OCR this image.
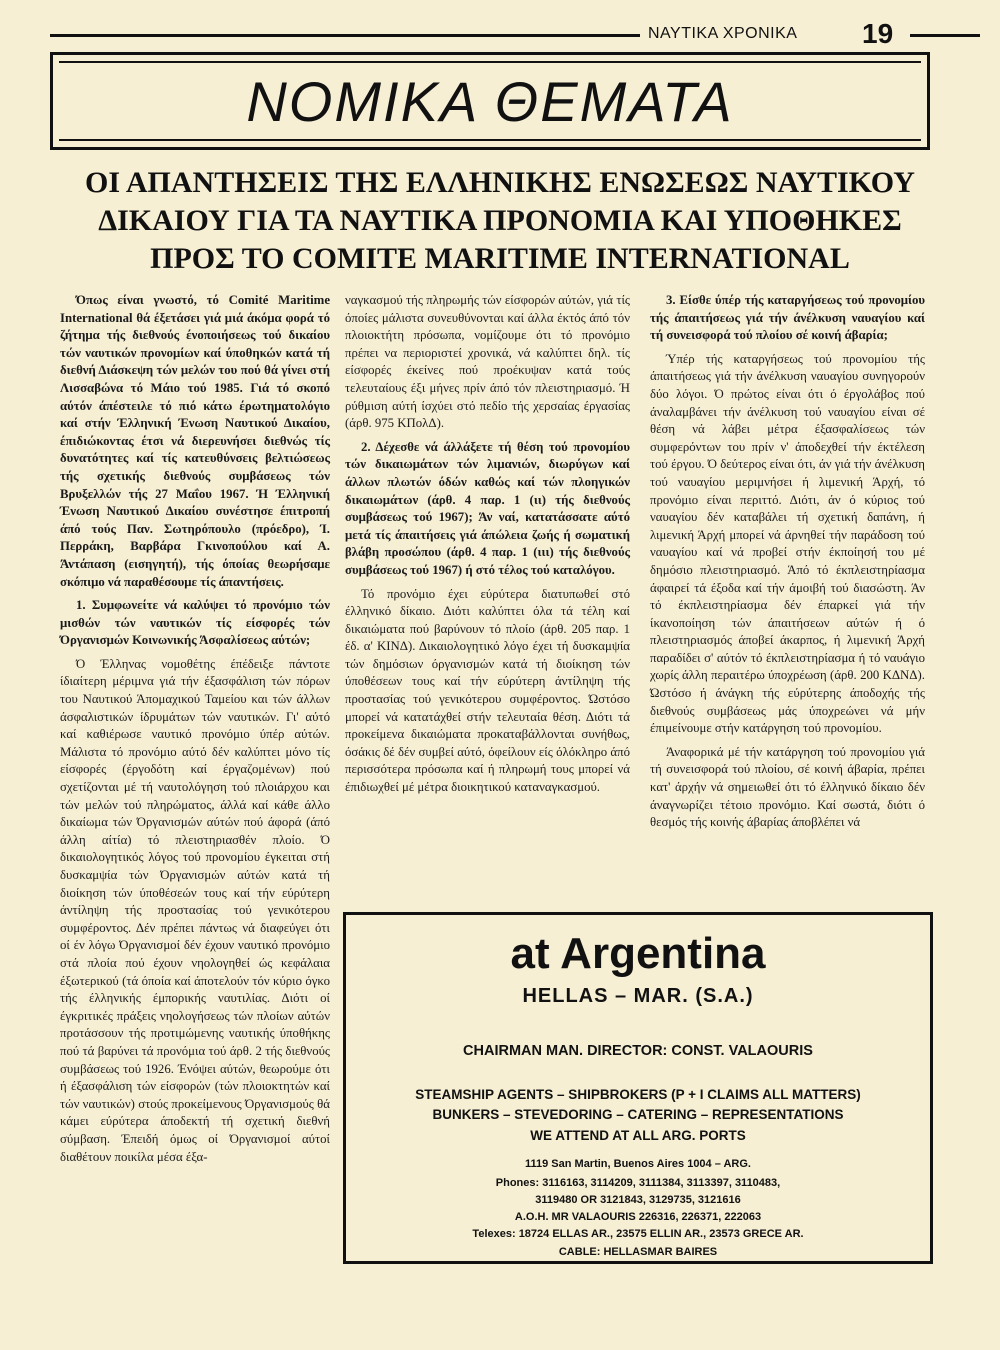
ΝΑΥΤΙΚΑ ΧΡΟΝΙΚΑ 19
ΝΟΜΙΚΑ ΘΕΜΑΤΑ
ΟΙ ΑΠΑΝΤΗΣΕΙΣ ΤΗΣ ΕΛΛΗΝΙΚΗΣ ΕΝΩΣΕΩΣ ΝΑΥΤΙΚΟΥ
ΔΙΚΑΙΟΥ ΓΙΑ ΤΑ ΝΑΥΤΙΚΑ ΠΡΟΝΟΜΙΑ ΚΑΙ ΥΠΟΘΗΚΕΣ
ΠΡΟΣ ΤΟ COMITE MARITIME INTERNATIONAL

Όπως είναι γνωστό, τό Comité Maritime International θά έξετάσει γιά μιά άκόμα φορά τό ζήτημα τής διεθνούς ένοποιήσεως τού δικαίου τών ναυτικών προνομίων καί ύποθηκών κατά τή διεθνή Διάσκεψη τών μελών του πού θά γίνει στή Λισσαβώνα τό Μάιο τού 1985. Γιά τό σκοπό αύτόν άπέστειλε τό πιό κάτω έρωτηματολόγιο καί στήν Έλληνική Ένωση Ναυτικού Δικαίου, έπιδιώκοντας έτσι νά διερευνήσει διεθνώς τίς δυνατότητες καί τίς κατευθύνσεις βελτιώσεως τής σχετικής διεθνούς συμβάσεως τών Βρυξελλών τής 27 Μαΐου 1967. Ή Έλληνική Ένωση Ναυτικού Δικαίου συνέστησε έπιτροπή άπό τούς Παν. Σωτηρόπουλο (πρόεδρο), Ί. Περράκη, Βαρβάρα Γκινοπούλου καί Α. Άντάπαση (εισηγητή), τής όποίας θεωρήσαμε σκόπιμο νά παραθέσουμε τίς άπαντήσεις.

1. Συμφωνείτε νά καλύψει τό προνόμιο τών μισθών τών ναυτικών τίς είσφορές τών Όργανισμών Κοινωνικής Άσφαλίσεως αύτών;

Ό Έλληνας νομοθέτης έπέδειξε πάντοτε ίδιαίτερη μέριμνα γιά τήν έξασφάλιση τών πόρων του Ναυτικού Άπομαχικού Ταμείου και τών άλλων άσφαλιστικών ίδρυμάτων τών ναυτικών. Γι' αύτό καί καθιέρωσε ναυτικό προνόμιο ύπέρ αύτών. Μάλιστα τό προνόμιο αύτό δέν καλύπτει μόνο τίς είσφορές (έργοδότη καί έργαζομένων) πού σχετίζονται μέ τή ναυτολόγηση τού πλοιάρχου και τών μελών τού πληρώματος, άλλά καί κάθε άλλο δικαίωμα τών Όργανισμών αύτών πού άφορά (άπό άλλη αίτία) τό πλειστηριασθέν πλοίο. Ό δικαιολογητικός λόγος τού προνομίου έγκειται στή δυσκαμψία τών Όργανισμών αύτών κατά τή διοίκηση τών ύποθέσεών τους καί τήν εύρύτερη άντίληψη τής προστασίας τού γενικότερου συμφέροντος. Δέν πρέπει πάντως νά διαφεύγει ότι οί έν λόγω Όργανισμοί δέν έχουν ναυτικό προνόμιο στά πλοία πού έχουν νηολογηθεί ώς κεφάλαια έξωτερικού (τά όποία καί άποτελούν τόν κύριο όγκο τής έλληνικής έμπορικής ναυτιλίας. Διότι οί έγκριτικές πράξεις νηολογήσεως τών πλοίων αύτών προτάσσουν τής προτιμώμενης ναυτικής ύποθήκης πού τά βαρύνει τά προνόμια τού άρθ. 2 τής διεθνούς συμβάσεως τού 1926. Ένόψει αύτών, θεωρούμε ότι ή έξασφάλιση τών είσφορών (τών πλοιοκτητών καί τών ναυτικών) στούς προκείμενους Όργανισμούς θά κάμει εύρύτερα άποδεκτή τή σχετική διεθνή σύμβαση. Έπειδή όμως οί Όργανισμοί αύτοί διαθέτουν ποικίλα μέσα έξα-

ναγκασμού τής πληρωμής τών είσφορών αύτών, γιά τίς όποίες μάλιστα συνευθύνονται καί άλλα έκτός άπό τόν πλοιοκτήτη πρόσωπα, νομίζουμε ότι τό προνόμιο πρέπει να περιοριστεί χρονικά, νά καλύπτει δηλ. τίς είσφορές έκείνες πού προέκυψαν κατά τούς τελευταίους έξι μήνες πρίν άπό τόν πλειστηριασμό. Ή ρύθμιση αύτή ίσχύει στό πεδίο τής χερσαίας έργασίας (άρθ. 975 ΚΠολΔ).

2. Δέχεσθε νά άλλάξετε τή θέση τού προνομίου τών δικαιωμάτων τών λιμανιών, διωρύγων καί άλλων πλωτών όδών καθώς καί τών πλοηγικών δικαιωμάτων (άρθ. 4 παρ. 1 (ιι) τής διεθνούς συμβάσεως τού 1967); Άν ναί, κατατάσσατε αύτό μετά τίς άπαιτήσεις γιά άπώλεια ζωής ή σωματική βλάβη προσώπου (άρθ. 4 παρ. 1 (ιιι) τής διεθνούς συμβάσεως τού 1967) ή στό τέλος τού καταλόγου.

Τό προνόμιο έχει εύρύτερα διατυπωθεί στό έλληνικό δίκαιο. Διότι καλύπτει όλα τά τέλη καί δικαιώματα πού βαρύνουν τό πλοίο (άρθ. 205 παρ. 1 έδ. α' ΚΙΝΔ). Δικαιολογητικό λόγο έχει τή δυσκαμψία τών δημόσιων όργανισμών κατά τή διοίκηση τών ύποθέσεων τους καί τήν εύρύτερη άντίληψη τής προστασίας τού γενικότερου συμφέροντος. Ώστόσο μπορεί νά κατατάχθεί στήν τελευταία θέση. Διότι τά προκείμενα δικαιώματα προκαταβάλλονται συνήθως, όσάκις δέ δέν συμβεί αύτό, όφείλουν είς όλόκληρο άπό περισσότερα πρόσωπα καί ή πληρωμή τους μπορεί νά έπιδιωχθεί μέ μέτρα διοικητικού καταναγκασμού.

3. Είσθε ύπέρ τής καταργήσεως τού προνομίου τής άπαιτήσεως γιά τήν άνέλκυση ναυαγίου καί τή συνεισφορά τού πλοίου σέ κοινή άβαρία;

Ύπέρ τής καταργήσεως τού προνομίου τής άπαιτήσεως γιά τήν άνέλκυση ναυαγίου συνηγορούν δύο λόγοι. Ό πρώτος είναι ότι ό έργολάβος πού άναλαμβάνει τήν άνέλκυση τού ναυαγίου είναι σέ θέση νά λάβει μέτρα έξασφαλίσεως τών συμφερόντων του πρίν ν' άποδεχθεί τήν έκτέλεση τού έργου. Ό δεύτερος είναι ότι, άν γιά τήν άνέλκυση τού ναυαγίου μεριμνήσει ή λιμενική Άρχή, τό προνόμιο είναι περιττό. Διότι, άν ό κύριος τού ναυαγίου δέν καταβάλει τή σχετική δαπάνη, ή λιμενική Άρχή μπορεί νά άρνηθεί τήν παράδοση τού ναυαγίου καί νά προβεί στήν έκποίησή του μέ δημόσιο πλειστηριασμό. Άπό τό έκπλειστηρίασμα άφαιρεί τά έξοδα καί τήν άμοιβή τού διασώστη. Άν τό έκπλειστηρίασμα δέν έπαρκεί γιά τήν ίκανοποίηση τών άπαιτήσεων αύτών ή ό πλειστηριασμός άποβεί άκαρπος, ή λιμενική Άρχή παραδίδει σ' αύτόν τό έκπλειστηρίασμα ή τό ναυάγιο χωρίς άλλη περαιτέρω ύποχρέωση (άρθ. 200 ΚΔΝΔ). Ώστόσο ή άνάγκη τής εύρύτερης άποδοχής τής διεθνούς συμβάσεως μάς ύποχρεώνει νά μήν έπιμείνουμε στήν κατάργηση τού προνομίου.

Άναφορικά μέ τήν κατάργηση τού προνομίου γιά τή συνεισφορά τού πλοίου, σέ κοινή άβαρία, πρέπει κατ' άρχήν νά σημειωθεί ότι τό έλληνικό δίκαιο δέν άναγνωρίζει τέτοιο προνόμιο. Καί σωστά, διότι ό θεσμός τής κοινής άβαρίας άποβλέπει νά

at Argentina
HELLAS – MAR. (S.A.)
CHAIRMAN MAN. DIRECTOR: CONST. VALAOURIS
STEAMSHIP AGENTS – SHIPBROKERS (P + I CLAIMS ALL MATTERS)
BUNKERS – STEVEDORING – CATERING – REPRESENTATIONS
WE ATTEND AT ALL ARG. PORTS
1119 San Martin, Buenos Aires 1004 – ARG.
Phones: 3116163, 3114209, 3111384, 3113397, 3110483,
3119480 OR 3121843, 3129735, 3121616
A.O.H. MR VALAOURIS 226316, 226371, 222063
Telexes: 18724 ELLAS AR., 23575 ELLIN AR., 23573 GRECE AR.
CABLE: HELLASMAR BAIRES
